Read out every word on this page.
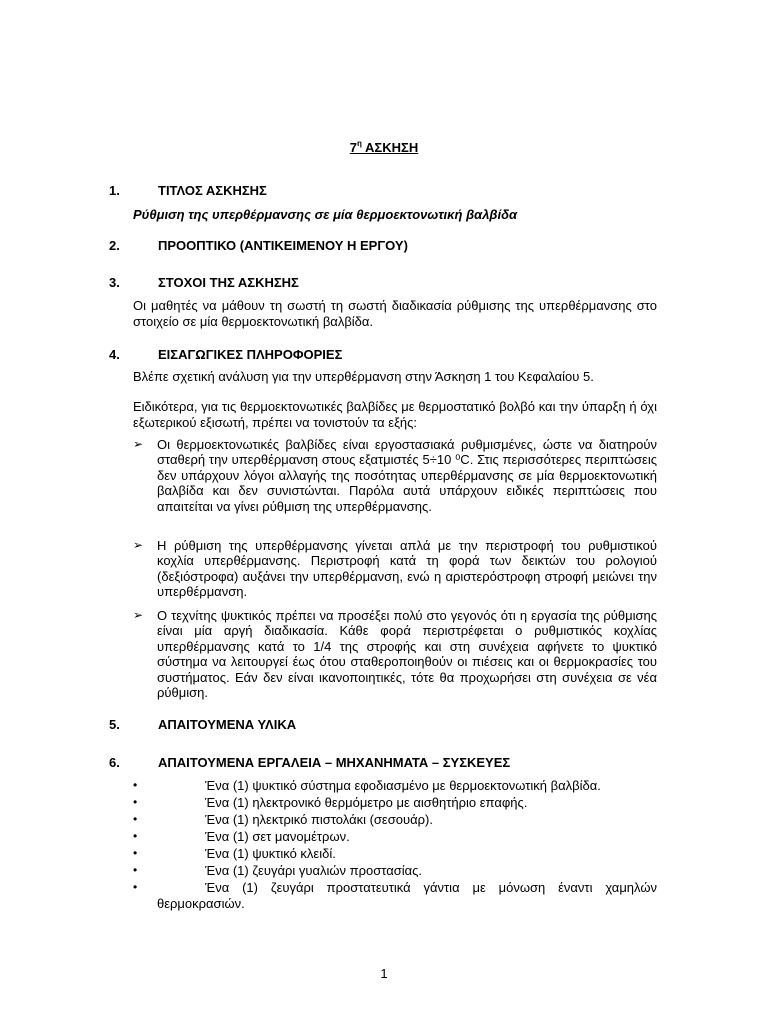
$7^\eta$ ΑΣΚΗΣΗ
1.	ΤΙΤΛΟΣ ΑΣΚΗΣΗΣ
Ρύθμιση της υπερθέρμανσης σε μία θερμοεκτονωτική βαλβίδα
2.	ΠΡΟΟΠΤΙΚΟ (ΑΝΤΙΚΕΙΜΕΝΟΥ Η ΕΡΓΟΥ)
3.	ΣΤΟΧΟΙ ΤΗΣ ΑΣΚΗΣΗΣ
Οι μαθητές να μάθουν τη σωστή τη σωστή διαδικασία ρύθμισης της υπερθέρμανσης στο στοιχείο σε μία θερμοεκτονωτική βαλβίδα.
4.	ΕΙΣΑΓΩΓΙΚΕΣ ΠΛΗΡΟΦΟΡΙΕΣ
Βλέπε σχετική ανάλυση για την υπερθέρμανση στην Άσκηση 1 του Κεφαλαίου 5.
Ειδικότερα, για τις θερμοεκτονωτικές βαλβίδες με θερμοστατικό βολβό και την ύπαρξη ή όχι εξωτερικού εξισωτή, πρέπει να τονιστούν τα εξής:
➢ Οι θερμοεκτονωτικές βαλβίδες είναι εργοστασιακά ρυθμισμένες, ώστε να διατηρούν σταθερή την υπερθέρμανση στους εξατμιστές 5÷10 ⁰C. Στις περισσότερες περιπτώσεις δεν υπάρχουν λόγοι αλλαγής της ποσότητας υπερθέρμανσης σε μία θερμοεκτονωτική βαλβίδα και δεν συνιστώνται. Παρόλα αυτά υπάρχουν ειδικές περιπτώσεις που απαιτείται να γίνει ρύθμιση της υπερθέρμανσης.
➢ Η ρύθμιση της υπερθέρμανσης γίνεται απλά με την περιστροφή του ρυθμιστικού κοχλία υπερθέρμανσης. Περιστροφή κατά τη φορά των δεικτών του ρολογιού (δεξιόστροφα) αυξάνει την υπερθέρμανση, ενώ η αριστερόστροφη στροφή μειώνει την υπερθέρμανση.
➢ Ο τεχνίτης ψυκτικός πρέπει να προσέξει πολύ στο γεγονός ότι η εργασία της ρύθμισης είναι μία αργή διαδικασία. Κάθε φορά περιστρέφεται ο ρυθμιστικός κοχλίας υπερθέρμανσης κατά το 1/4 της στροφής και στη συνέχεια αφήνετε το ψυκτικό σύστημα να λειτουργεί έως ότου σταθεροποιηθούν οι πιέσεις και οι θερμοκρασίες του συστήματος. Εάν δεν είναι ικανοποιητικές, τότε θα προχωρήσει στη συνέχεια σε νέα ρύθμιση.
5.	ΑΠΑΙΤΟΥΜΕΝΑ ΥΛΙΚΑ
6.	ΑΠΑΙΤΟΥΜΕΝΑ ΕΡΓΑΛΕΙΑ – ΜΗΧΑΝΗΜΑΤΑ – ΣΥΣΚΕΥΕΣ
•	Ένα (1) ψυκτικό σύστημα εφοδιασμένο με θερμοεκτονωτική βαλβίδα.
•	Ένα (1) ηλεκτρονικό θερμόμετρο με αισθητήριο επαφής.
•	Ένα (1) ηλεκτρικό πιστολάκι (σεσουάρ).
•	Ένα (1) σετ μανομέτρων.
•	Ένα (1) ψυκτικό κλειδί.
•	Ένα (1) ζευγάρι γυαλιών προστασίας.
•	Ένα (1) ζευγάρι προστατευτικά γάντια με μόνωση έναντι χαμηλών θερμοκρασιών.
1
